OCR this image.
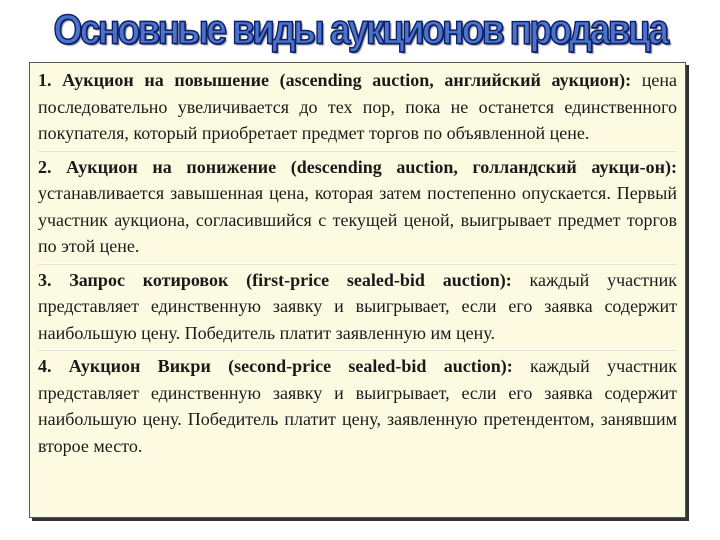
Основные виды аукционов продавца

1. Аукцион на повышение (ascending auction, английский аукцион): цена последовательно увеличивается до тех пор, пока не останется единственного покупателя, который приобретает предмет торгов по объявленной цене.

2. Аукцион на понижение (descending auction, голландский аукци-он): устанавливается завышенная цена, которая затем постепенно опускается. Первый участник аукциона, согласившийся с текущей ценой, выигрывает предмет торгов по этой цене.

3. Запрос котировок (first-price sealed-bid auction): каждый участник представляет единственную заявку и выигрывает, если его заявка содержит наибольшую цену. Победитель платит заявленную им цену.

4. Аукцион Викри (second-price sealed-bid auction): каждый участник представляет единственную заявку и выигрывает, если его заявка содержит наибольшую цену. Победитель платит цену, заявленную претендентом, занявшим второе место.
